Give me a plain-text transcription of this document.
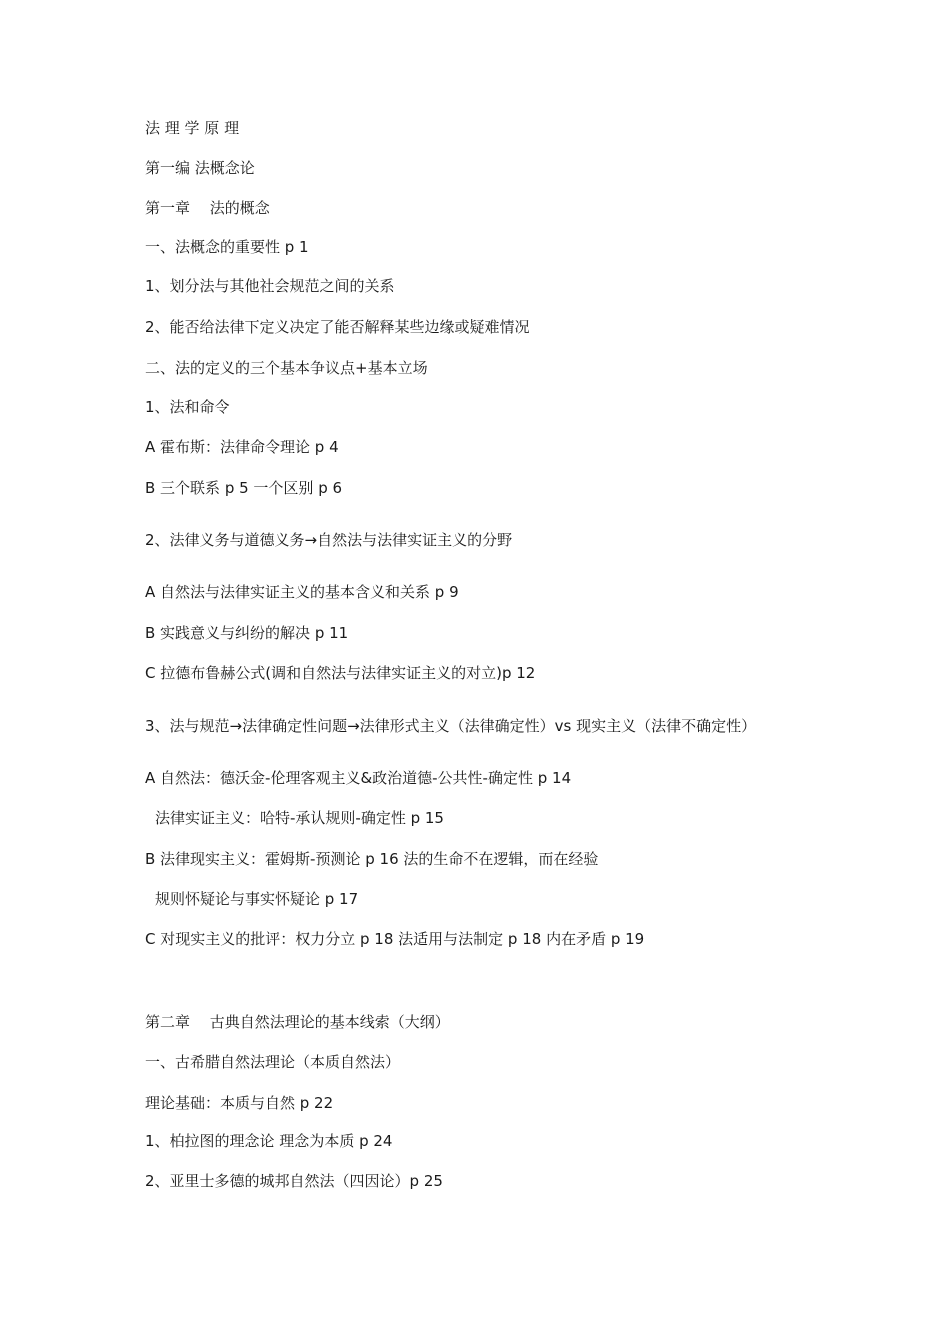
法 理 学 原 理
第一编 法概念论
第一章　 法的概念
一、法概念的重要性 p 1
1、划分法与其他社会规范之间的关系
2、能否给法律下定义决定了能否解释某些边缘或疑难情况
二、法的定义的三个基本争议点+基本立场
1、法和命令
A 霍布斯：法律命令理论 p 4
B 三个联系 p 5 一个区别 p 6
2、法律义务与道德义务→自然法与法律实证主义的分野
A 自然法与法律实证主义的基本含义和关系 p 9
B 实践意义与纠纷的解决 p 11
C 拉德布鲁赫公式(调和自然法与法律实证主义的对立)p 12
3、法与规范→法律确定性问题→法律形式主义（法律确定性）vs 现实主义（法律不确定性）
A 自然法：德沃金-伦理客观主义&政治道德-公共性-确定性 p 14
法律实证主义：哈特-承认规则-确定性 p 15
B 法律现实主义：霍姆斯-预测论 p 16 法的生命不在逻辑，而在经验
规则怀疑论与事实怀疑论 p 17
C 对现实主义的批评：权力分立 p 18 法适用与法制定 p 18 内在矛盾 p 19
第二章　 古典自然法理论的基本线索（大纲）
一、古希腊自然法理论（本质自然法）
理论基础：本质与自然 p 22
1、柏拉图的理念论 理念为本质 p 24
2、亚里士多德的城邦自然法（四因论）p 25
